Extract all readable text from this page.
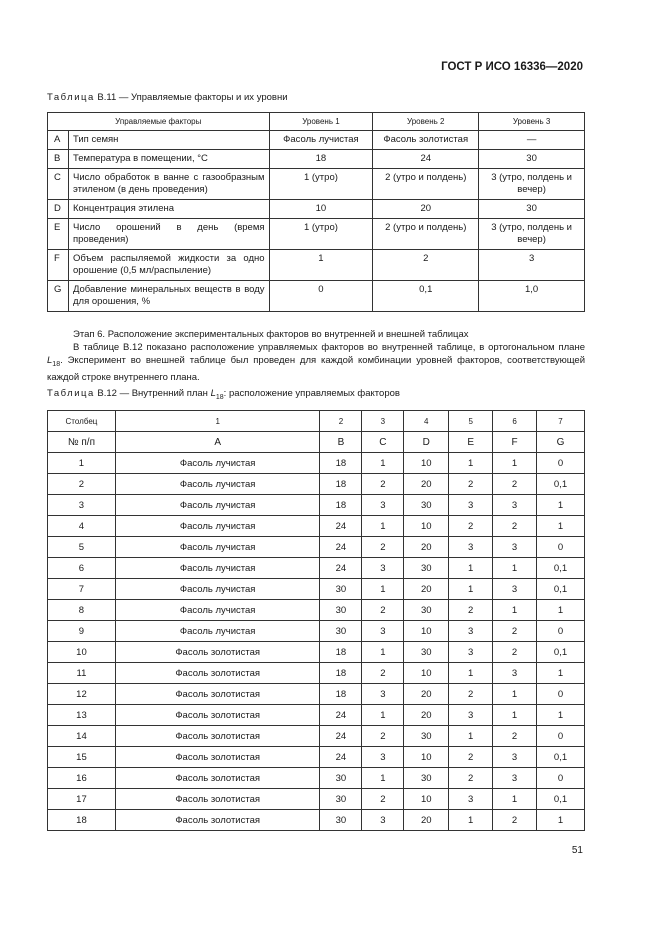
ГОСТ Р ИСО 16336—2020
Таблица B.11 — Управляемые факторы и их уровни
Управляемые факторы		Уровень 1	Уровень 2	Уровень 3
A	Тип семян	Фасоль лучистая	Фасоль золотистая	—
B	Температура в помещении, °С	18	24	30
C	Число обработок в ванне с газообразным этиленом (в день проведения)	1 (утро)	2 (утро и полдень)	3 (утро, полдень и вечер)
D	Концентрация этилена	10	20	30
E	Число орошений в день (время проведения)	1 (утро)	2 (утро и полдень)	3 (утро, полдень и вечер)
F	Объем распыляемой жидкости за одно орошение (0,5 мл/распыление)	1	2	3
G	Добавление минеральных веществ в воду для орошения, %	0	0,1	1,0

Этап 6. Расположение экспериментальных факторов во внутренней и внешней таблицах

В таблице В.12 показано расположение управляемых факторов во внутренней таблице, в ортогональном плане $L_{18}$. Эксперимент во внешней таблице был проведен для каждой комбинации уровней факторов, соответствующей каждой строке внутреннего плана.

Таблица B.12 — Внутренний план $L_{18}$: расположение управляемых факторов
Столбец	1	2	3	4	5	6	7
№ п/п	A	B	C	D	E	F	G
1	Фасоль лучистая	18	1	10	1	1	0
2	Фасоль лучистая	18	2	20	2	2	0,1
3	Фасоль лучистая	18	3	30	3	3	1
4	Фасоль лучистая	24	1	10	2	2	1
5	Фасоль лучистая	24	2	20	3	3	0
6	Фасоль лучистая	24	3	30	1	1	0,1
7	Фасоль лучистая	30	1	20	1	3	0,1
8	Фасоль лучистая	30	2	30	2	1	1
9	Фасоль лучистая	30	3	10	3	2	0
10	Фасоль золотистая	18	1	30	3	2	0,1
11	Фасоль золотистая	18	2	10	1	3	1
12	Фасоль золотистая	18	3	20	2	1	0
13	Фасоль золотистая	24	1	20	3	1	1
14	Фасоль золотистая	24	2	30	1	2	0
15	Фасоль золотистая	24	3	10	2	3	0,1
16	Фасоль золотистая	30	1	30	2	3	0
17	Фасоль золотистая	30	2	10	3	1	0,1
18	Фасоль золотистая	30	3	20	1	2	1
51
